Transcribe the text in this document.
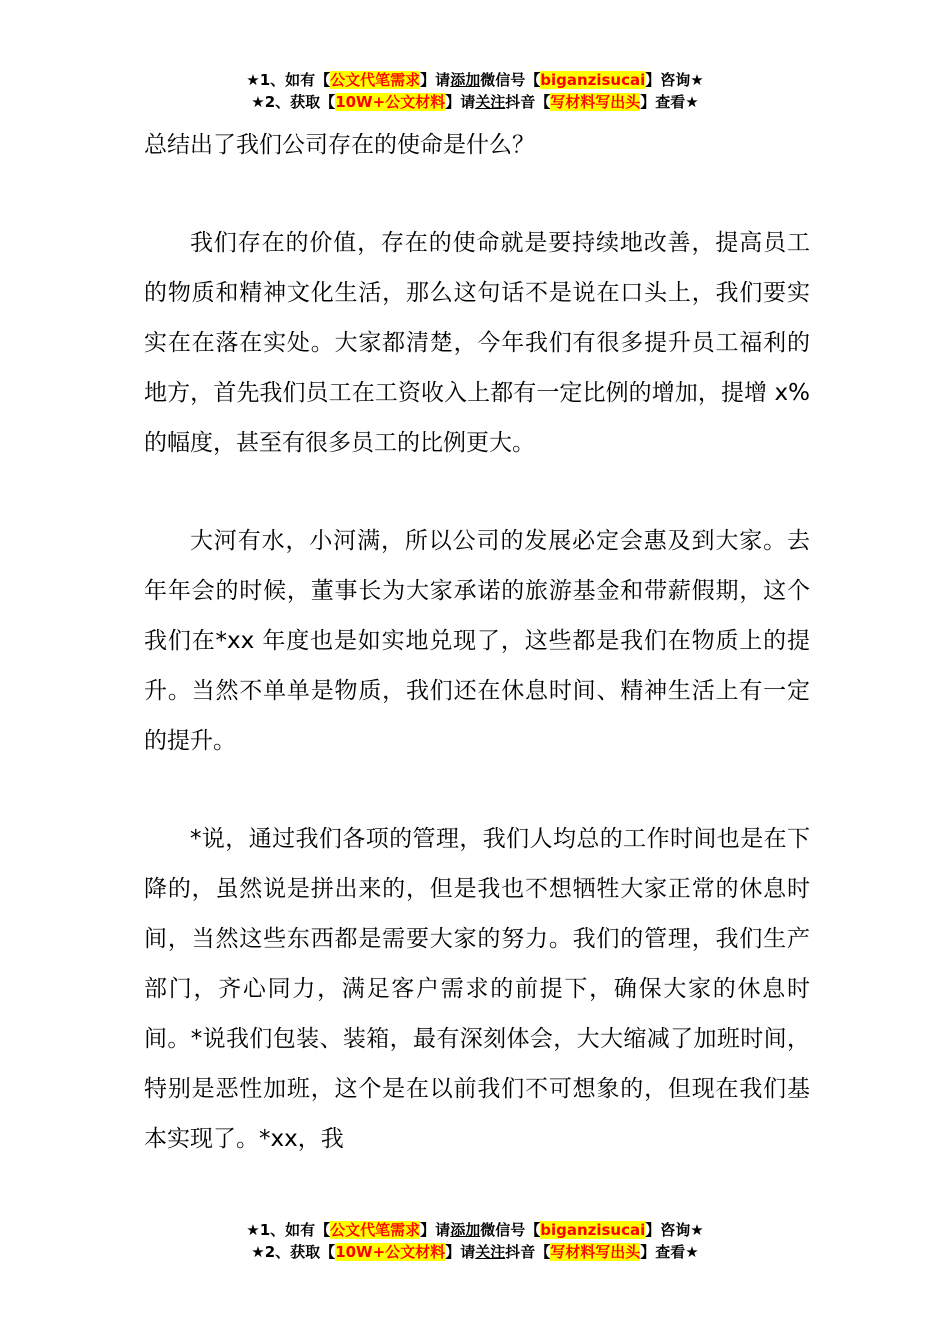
★1、如有【公文代笔需求】请添加微信号【biganzisucai】咨询★
★2、获取【10W+公文材料】请关注抖音【写材料写出头】查看★

总结出了我们公司存在的使命是什么？

我们存在的价值，存在的使命就是要持续地改善，提高员工的物质和精神文化生活，那么这句话不是说在口头上，我们要实实在在落在实处。大家都清楚，今年我们有很多提升员工福利的地方，首先我们员工在工资收入上都有一定比例的增加，提增 x%的幅度，甚至有很多员工的比例更大。

大河有水，小河满，所以公司的发展必定会惠及到大家。去年年会的时候，董事长为大家承诺的旅游基金和带薪假期，这个我们在*xx 年度也是如实地兑现了，这些都是我们在物质上的提升。当然不单单是物质，我们还在休息时间、精神生活上有一定的提升。

*说，通过我们各项的管理，我们人均总的工作时间也是在下降的，虽然说是拼出来的，但是我也不想牺牲大家正常的休息时间，当然这些东西都是需要大家的努力。我们的管理，我们生产部门，齐心同力，满足客户需求的前提下，确保大家的休息时间。*说我们包装、装箱，最有深刻体会，大大缩减了加班时间，特别是恶性加班，这个是在以前我们不可想象的，但现在我们基本实现了。*xx，我

★1、如有【公文代笔需求】请添加微信号【biganzisucai】咨询★
★2、获取【10W+公文材料】请关注抖音【写材料写出头】查看★
